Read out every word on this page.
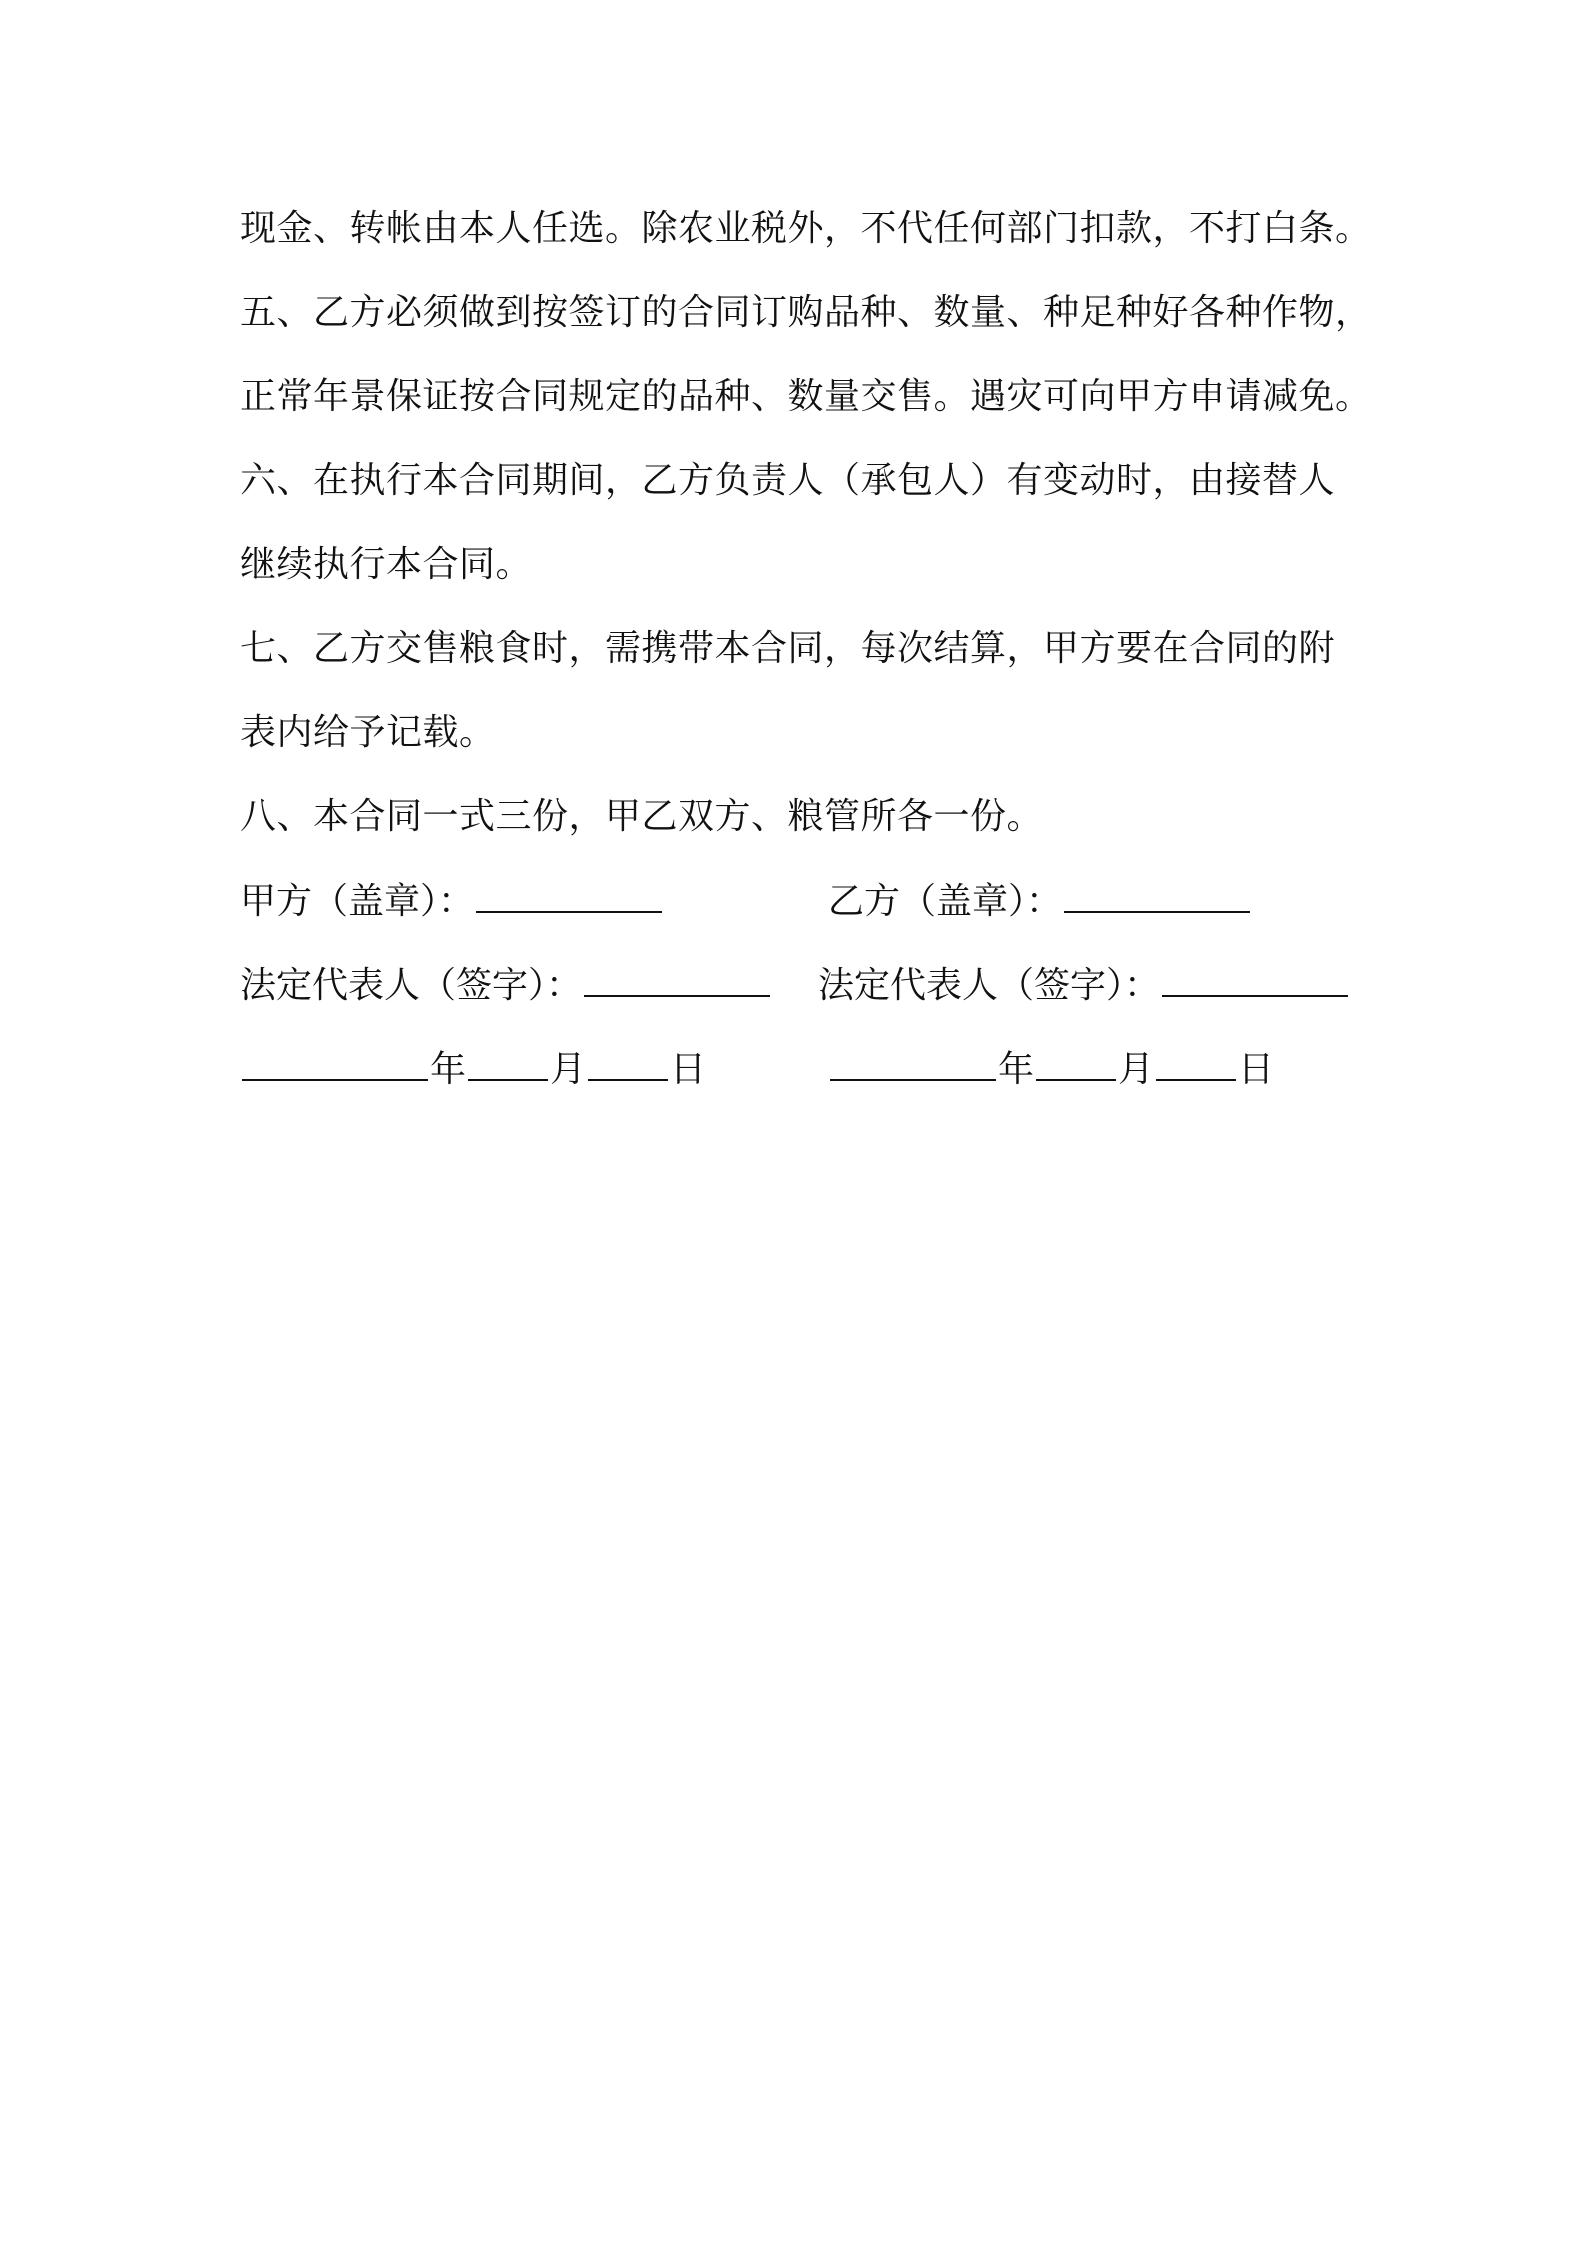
现金、转帐由本人任选。除农业税外，不代任何部门扣款，不打白条。
五、乙方必须做到按签订的合同订购品种、数量、种足种好各种作物，
正常年景保证按合同规定的品种、数量交售。遇灾可向甲方申请减免。
六、在执行本合同期间，乙方负责人（承包人）有变动时，由接替人
继续执行本合同。
七、乙方交售粮食时，需携带本合同，每次结算，甲方要在合同的附
表内给予记载。
八、本合同一式三份，甲乙双方、粮管所各一份。
甲方（盖章）：	乙方（盖章）：
法定代表人（签字）：	法定代表人（签字）：
年 月 日	年 月 日
